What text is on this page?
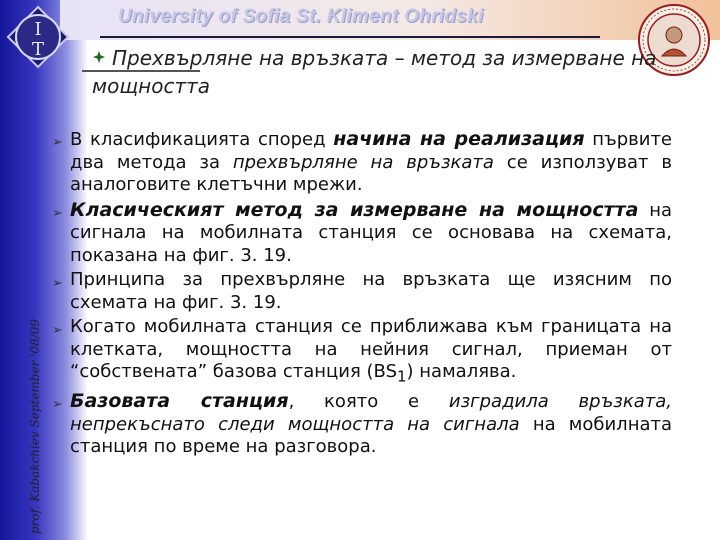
I
T
University of Sofia St. Kliment Ohridski
Прехвърляне на връзката – метод за измерване на
мощността
prof. Kabakchiev September '08/09
➢ В класификацията според начина на реализация първите два метода за прехвърляне на връзката се използуват в аналоговите клетъчни мрежи.
➢ Класическият метод за измерване на мощността на сигнала на мобилната станция се основава на схемата, показана на фиг. 3. 19.
➢ Принципа за прехвърляне на връзката ще изясним по схемата на фиг. 3. 19.
➢ Когато мобилната станция се приближава към границата на клетката, мощността на нейния сигнал, приеман от “собствената” базова станция $(BS_1)$ намалява.
➢ Базовата станция, която е изградила връзката, непрекъснато следи мощността на сигнала на мобилната станция по време на разговора.
